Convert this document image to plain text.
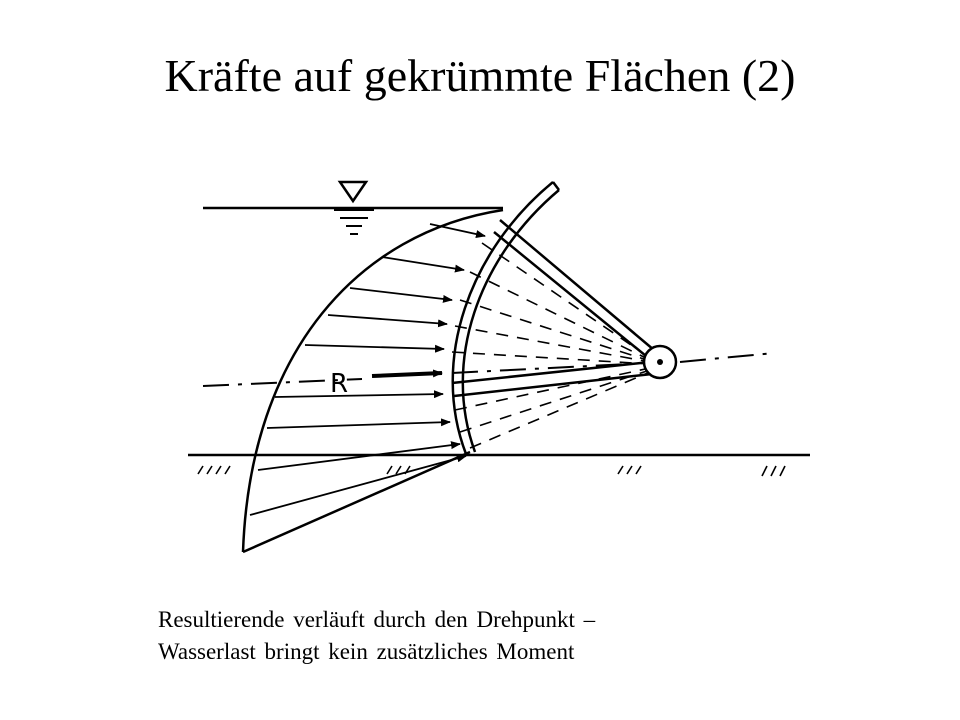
Kräfte auf gekrümmte Flächen (2)
R
Resultierende verläuft durch den Drehpunkt –
Wasserlast bringt kein zusätzliches Moment
